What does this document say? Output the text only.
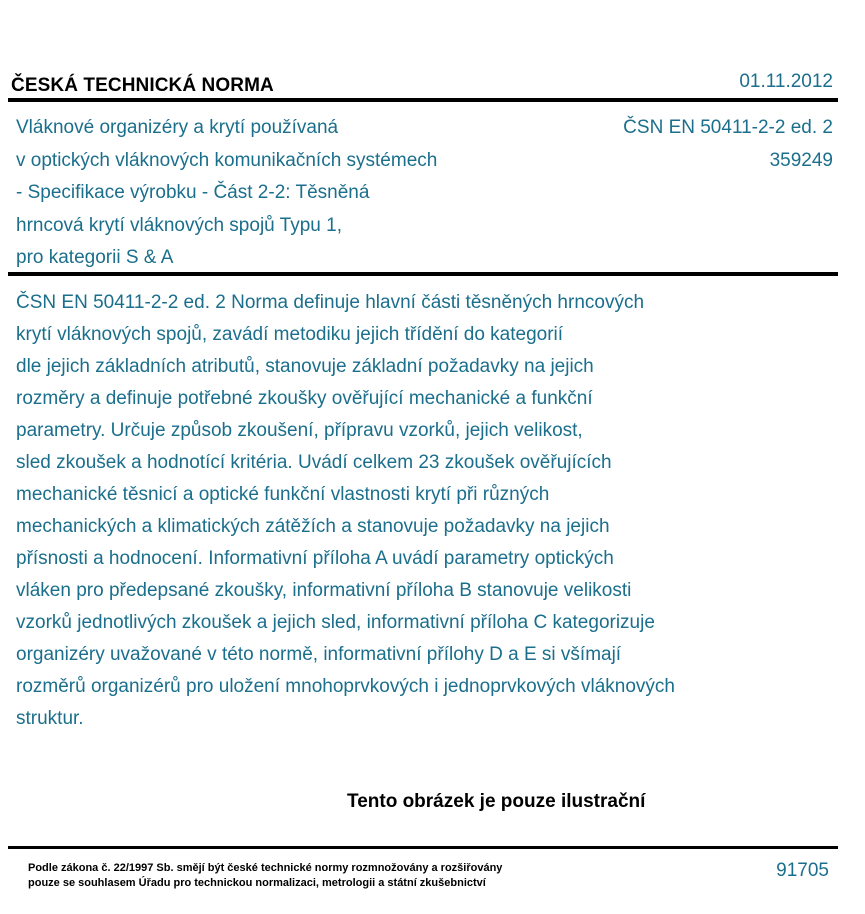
ČESKÁ TECHNICKÁ NORMA	01.11.2012
Vláknové organizéry a krytí používaná
v optických vláknových komunikačních systémech
- Specifikace výrobku - Část 2-2: Těsněná
hrncová krytí vláknových spojů Typu 1,
pro kategorii S & A
ČSN EN 50411-2-2 ed. 2
359249
ČSN EN 50411-2-2 ed. 2 Norma definuje hlavní části těsněných hrncových
krytí vláknových spojů, zavádí metodiku jejich třídění do kategorií
dle jejich základních atributů, stanovuje základní požadavky na jejich
rozměry a definuje potřebné zkoušky ověřující mechanické a funkční
parametry. Určuje způsob zkoušení, přípravu vzorků, jejich velikost,
sled zkoušek a hodnotící kritéria. Uvádí celkem 23 zkoušek ověřujících
mechanické těsnicí a optické funkční vlastnosti krytí při různých
mechanických a klimatických zátěžích a stanovuje požadavky na jejich
přísnosti a hodnocení. Informativní příloha A uvádí parametry optických
vláken pro předepsané zkoušky, informativní příloha B stanovuje velikosti
vzorků jednotlivých zkoušek a jejich sled, informativní příloha C kategorizuje
organizéry uvažované v této normě, informativní přílohy D a E si všímají
rozměrů organizérů pro uložení mnohoprvkových i jednoprvkových vláknových
struktur.
Tento obrázek je pouze ilustrační
Podle zákona č. 22/1997 Sb. smějí být české technické normy rozmnožovány a rozšiřovány
pouze se souhlasem Úřadu pro technickou normalizaci, metrologii a státní zkušebnictví
91705
